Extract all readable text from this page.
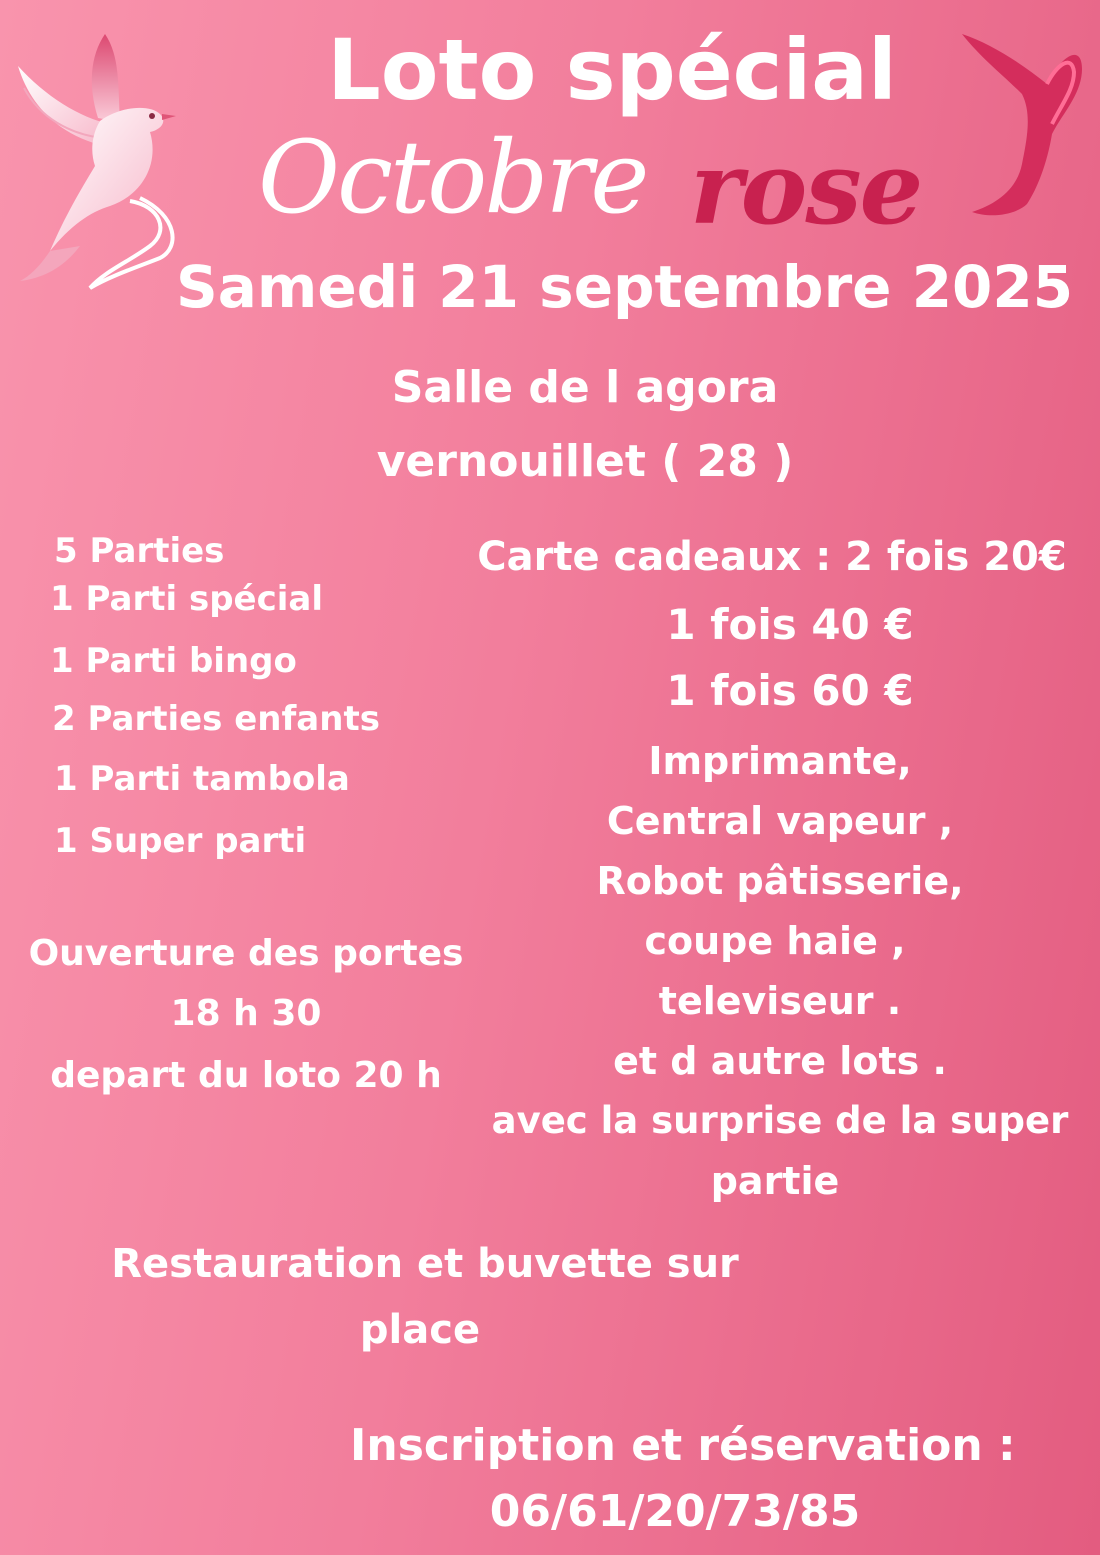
Loto spécial
Octobre rose
Samedi 21 septembre 2025
Salle de l agora
vernouillet ( 28 )
5 Parties
1 Parti spécial
1 Parti bingo
2 Parties enfants
1 Parti tambola
1 Super parti
Carte cadeaux : 2 fois 20€
1 fois 40 €
1 fois 60 €
Imprimante,
Central vapeur ,
Robot pâtisserie,
coupe haie ,
televiseur .
et d autre lots .
avec la surprise de la super
partie
Ouverture des portes
18 h 30
depart du loto 20 h
Restauration et buvette sur
place
Inscription et réservation :
06/61/20/73/85
